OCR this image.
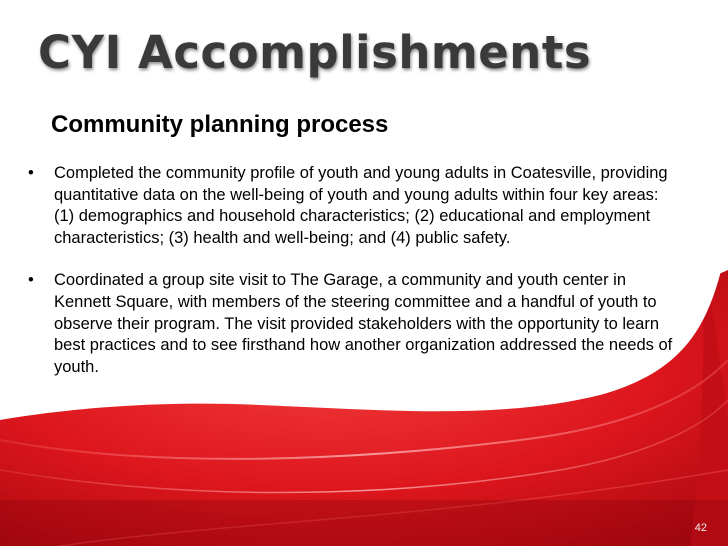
CYI Accomplishments
Community planning process
• Completed the community profile of youth and young adults in Coatesville, providing quantitative data on the well-being of youth and young adults within four key areas: (1) demographics and household characteristics; (2) educational and employment characteristics; (3) health and well-being; and (4) public safety.
• Coordinated a group site visit to The Garage, a community and youth center in Kennett Square, with members of the steering committee and a handful of youth to observe their program. The visit provided stakeholders with the opportunity to learn best practices and to see firsthand how another organization addressed the needs of youth.
42
